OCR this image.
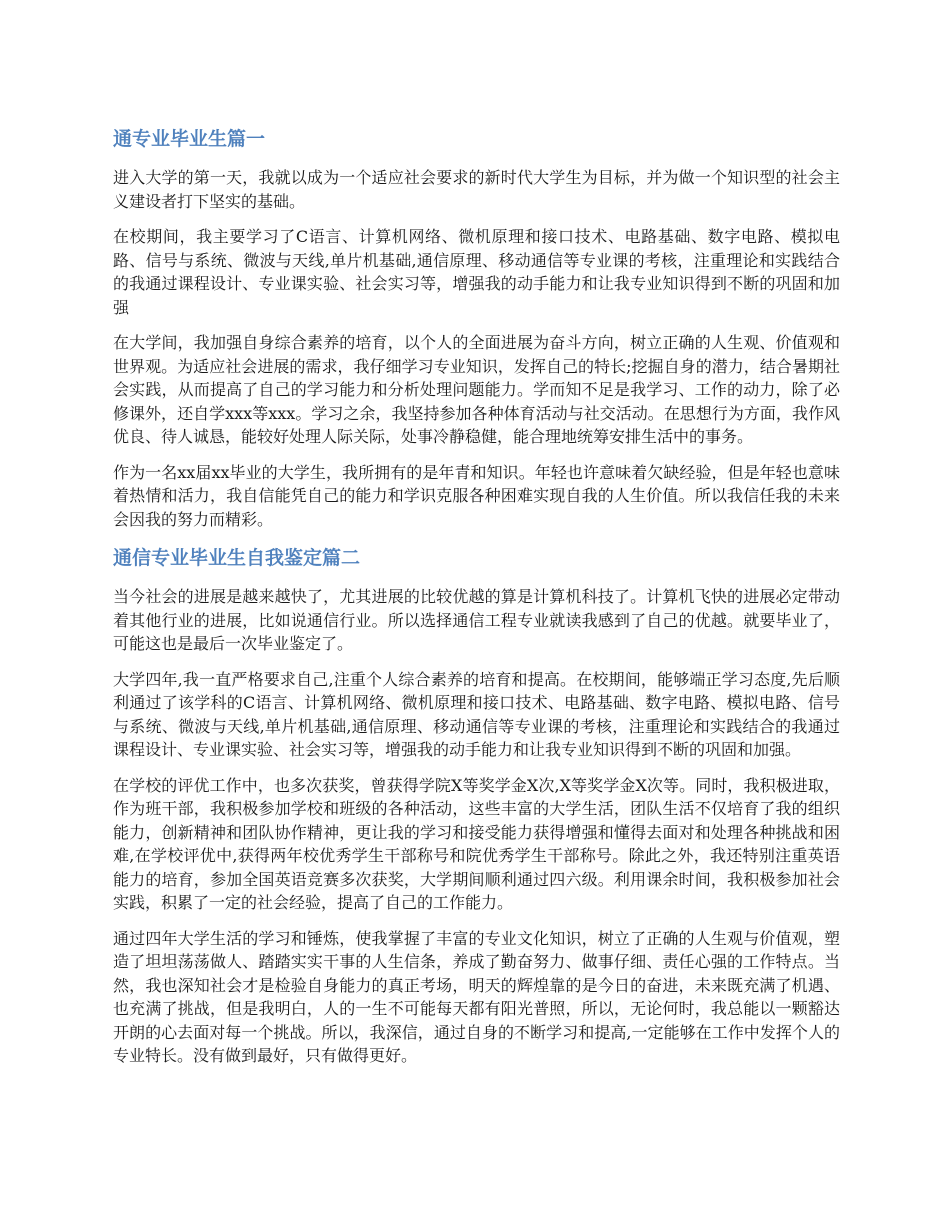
通专业毕业生篇一

进入大学的第一天，我就以成为一个适应社会要求的新时代大学生为目标，并为做一个知识型的社会主义建设者打下坚实的基础。

在校期间，我主要学习了C语言、计算机网络、微机原理和接口技术、电路基础、数字电路、模拟电路、信号与系统、微波与天线,单片机基础,通信原理、移动通信等专业课的考核，注重理论和实践结合的我通过课程设计、专业课实验、社会实习等，增强我的动手能力和让我专业知识得到不断的巩固和加强

在大学间，我加强自身综合素养的培育，以个人的全面进展为奋斗方向，树立正确的人生观、价值观和世界观。为适应社会进展的需求，我仔细学习专业知识，发挥自己的特长;挖掘自身的潜力，结合暑期社会实践，从而提高了自己的学习能力和分析处理问题能力。学而知不足是我学习、工作的动力，除了必修课外，还自学xxx等xxx。学习之余，我坚持参加各种体育活动与社交活动。在思想行为方面，我作风优良、待人诚恳，能较好处理人际关际，处事冷静稳健，能合理地统筹安排生活中的事务。

作为一名xx届xx毕业的大学生，我所拥有的是年青和知识。年轻也许意味着欠缺经验，但是年轻也意味着热情和活力，我自信能凭自己的能力和学识克服各种困难实现自我的人生价值。所以我信任我的未来会因我的努力而精彩。

通信专业毕业生自我鉴定篇二

当今社会的进展是越来越快了，尤其进展的比较优越的算是计算机科技了。计算机飞快的进展必定带动着其他行业的进展，比如说通信行业。所以选择通信工程专业就读我感到了自己的优越。就要毕业了，可能这也是最后一次毕业鉴定了。

大学四年,我一直严格要求自己,注重个人综合素养的培育和提高。在校期间，能够端正学习态度,先后顺利通过了该学科的C语言、计算机网络、微机原理和接口技术、电路基础、数字电路、模拟电路、信号与系统、微波与天线,单片机基础,通信原理、移动通信等专业课的考核，注重理论和实践结合的我通过课程设计、专业课实验、社会实习等，增强我的动手能力和让我专业知识得到不断的巩固和加强。

在学校的评优工作中，也多次获奖，曾获得学院X等奖学金X次,X等奖学金X次等。同时，我积极进取，作为班干部，我积极参加学校和班级的各种活动，这些丰富的大学生活，团队生活不仅培育了我的组织能力，创新精神和团队协作精神，更让我的学习和接受能力获得增强和懂得去面对和处理各种挑战和困难,在学校评优中,获得两年校优秀学生干部称号和院优秀学生干部称号。除此之外，我还特别注重英语能力的培育，参加全国英语竞赛多次获奖，大学期间顺利通过四六级。利用课余时间，我积极参加社会实践，积累了一定的社会经验，提高了自己的工作能力。

通过四年大学生活的学习和锤炼，使我掌握了丰富的专业文化知识，树立了正确的人生观与价值观，塑造了坦坦荡荡做人、踏踏实实干事的人生信条，养成了勤奋努力、做事仔细、责任心强的工作特点。当然，我也深知社会才是检验自身能力的真正考场，明天的辉煌靠的是今日的奋进，未来既充满了机遇、也充满了挑战，但是我明白，人的一生不可能每天都有阳光普照，所以，无论何时，我总能以一颗豁达开朗的心去面对每一个挑战。所以，我深信，通过自身的不断学习和提高,一定能够在工作中发挥个人的专业特长。没有做到最好，只有做得更好。
